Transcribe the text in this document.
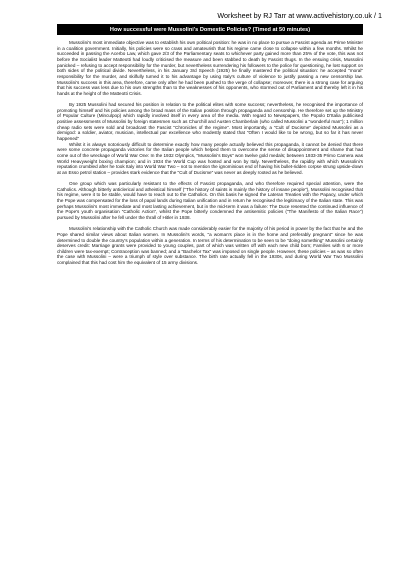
Worksheet by RJ Tarr at www.activehistory.co.uk / 1
How successful were Mussolini's Domestic Policies? (Timed at 50 minutes)

Mussolini's most immediate objective was to establish his own political position: he was in no place to pursue a Fascist agenda as Prime Minister in a coalition government. Initially, his policies were so crass and amateurish that his regime came close to collapse within a few months. Whilst he succeeded in passing the Acerbo Law, which gave 2/3 of the Parliamentary seats to whichever party gained more than 25% of the vote, this was not before the Socialist leader Matteotti had loudly criticised the measure and been stabbed to death by Fascist thugs. In the ensuing crisis, Mussolini panicked – refusing to accept responsibility for the murder, but nevertheless surrendering his followers to the police for questioning, he lost support on both sides of the political divide. Nevertheless, in his January 3rd Speech (1925) he finally mastered the political situation: he accepted "moral" responsibility for the murder, and skilfully turned it to his advantage by using Italy's culture of violence to justify passing a new censorship law. Mussolini's success in this area, therefore, came only after he had been pushed to the verge of collapse; moreover, there is a strong case for arguing that his success was less due to his own strengths than to the weaknesses of his opponents, who stormed out of Parliament and thereby left it in his hands at the height of the Matteotti Crisis.

By 1925 Mussolini had secured his position in relation to the political elites with some success; nevertheless, he recognised the importance of promoting himself and his policies among the broad mass of the Italian position through propaganda and censorship. He therefore set up the Ministry of Popular Culture (Minculpop) which rapidly involved itself in every area of the media. With regard to Newspapers, the Popolo D'Italia publicised positive assessments of Mussolini by foreign statesmen such as Churchill and Austen Chamberlain (who called Mussolini a "wonderful man"); 1 million cheap radio sets were sold and broadcast the Fascist "Chronicles of the regime". Most importantly, a "Cult of Ducisme" depicted Mussolini as a demigod: a soldier, aviator, musician, intellectual par excellence who modestly stated that "Often I would like to be wrong, but so far it has never happened"

Whilst it is always notoriously difficult to determine exactly how many people actually believed this propaganda, it cannot be denied that there were some concrete propaganda victories for the Italian people which helped them to overcome the sense of disappointment and shame that had come out of the wreckage of World War One: In the 1932 Olympics, "Mussolini's Boys" won twelve gold medals; between 1933-35 Primo Carnera was World Heavyweight boxing champion; and in 1934 the World Cup was hosted and won by Italy. Nevertheless, the rapidity with which Mussolini's reputation crumbled after he took Italy into World War Two – not to mention the ignominious end of having his bullet-ridden corpse strung upside-down at an Esso petrol station – provides stark evidence that the "Cult of Ducisme" was never as deeply rooted as he believed.

One group which was particularly resistant to the effects of Fascist propaganda, and who therefore required special attention, were the Catholics. Although bitterly anticlerical and atheistical himself ("The history of saints is mainly the history of insane people"), Mussolini recognised that his regime, were it to be stable, would have to reach out to the Catholics. On this basis he signed the Lateran Treaties with the Papacy, under which the Pope was compensated for the loss of papal lands during Italian unification and in return he recognised the legitimacy of the Italian state. This was perhaps Mussolini's most immediate and most lasting achievement, but in the mid-term it was a failure: The Duce resented the continued influence of the Pope's youth organisation "Catholic Action", whilst the Pope bitterly condemned the antisemitic policies ("The Manifesto of the Italian Race") pursued by Mussolini after he fell under the thrall of Hitler in 1938.

Mussolini's relationship with the Catholic Church was made considerably easier for the majority of his period in power by the fact that he and the Pope shared similar views about Italian women. In Mussolini's words, "a woman's place is in the home and preferably pregnant" since he was determined to double the country's population within a generation. In terms of his determination to be seen to be "doing something" Mussolini certainly deserves credit: Marriage grants were provided to young couples, part of which was written off with each new child born; Families with 6 or more children were tax-exempt; Contraception was banned; and a "Bachelor Tax" was imposed on single people. However, these policies – as was so often the case with Mussolini – were a triumph of style over substance. The birth rate actually fell in the 1930s, and during World War Two Mussolini complained that this had cost him the equivalent of 15 army divisions.
